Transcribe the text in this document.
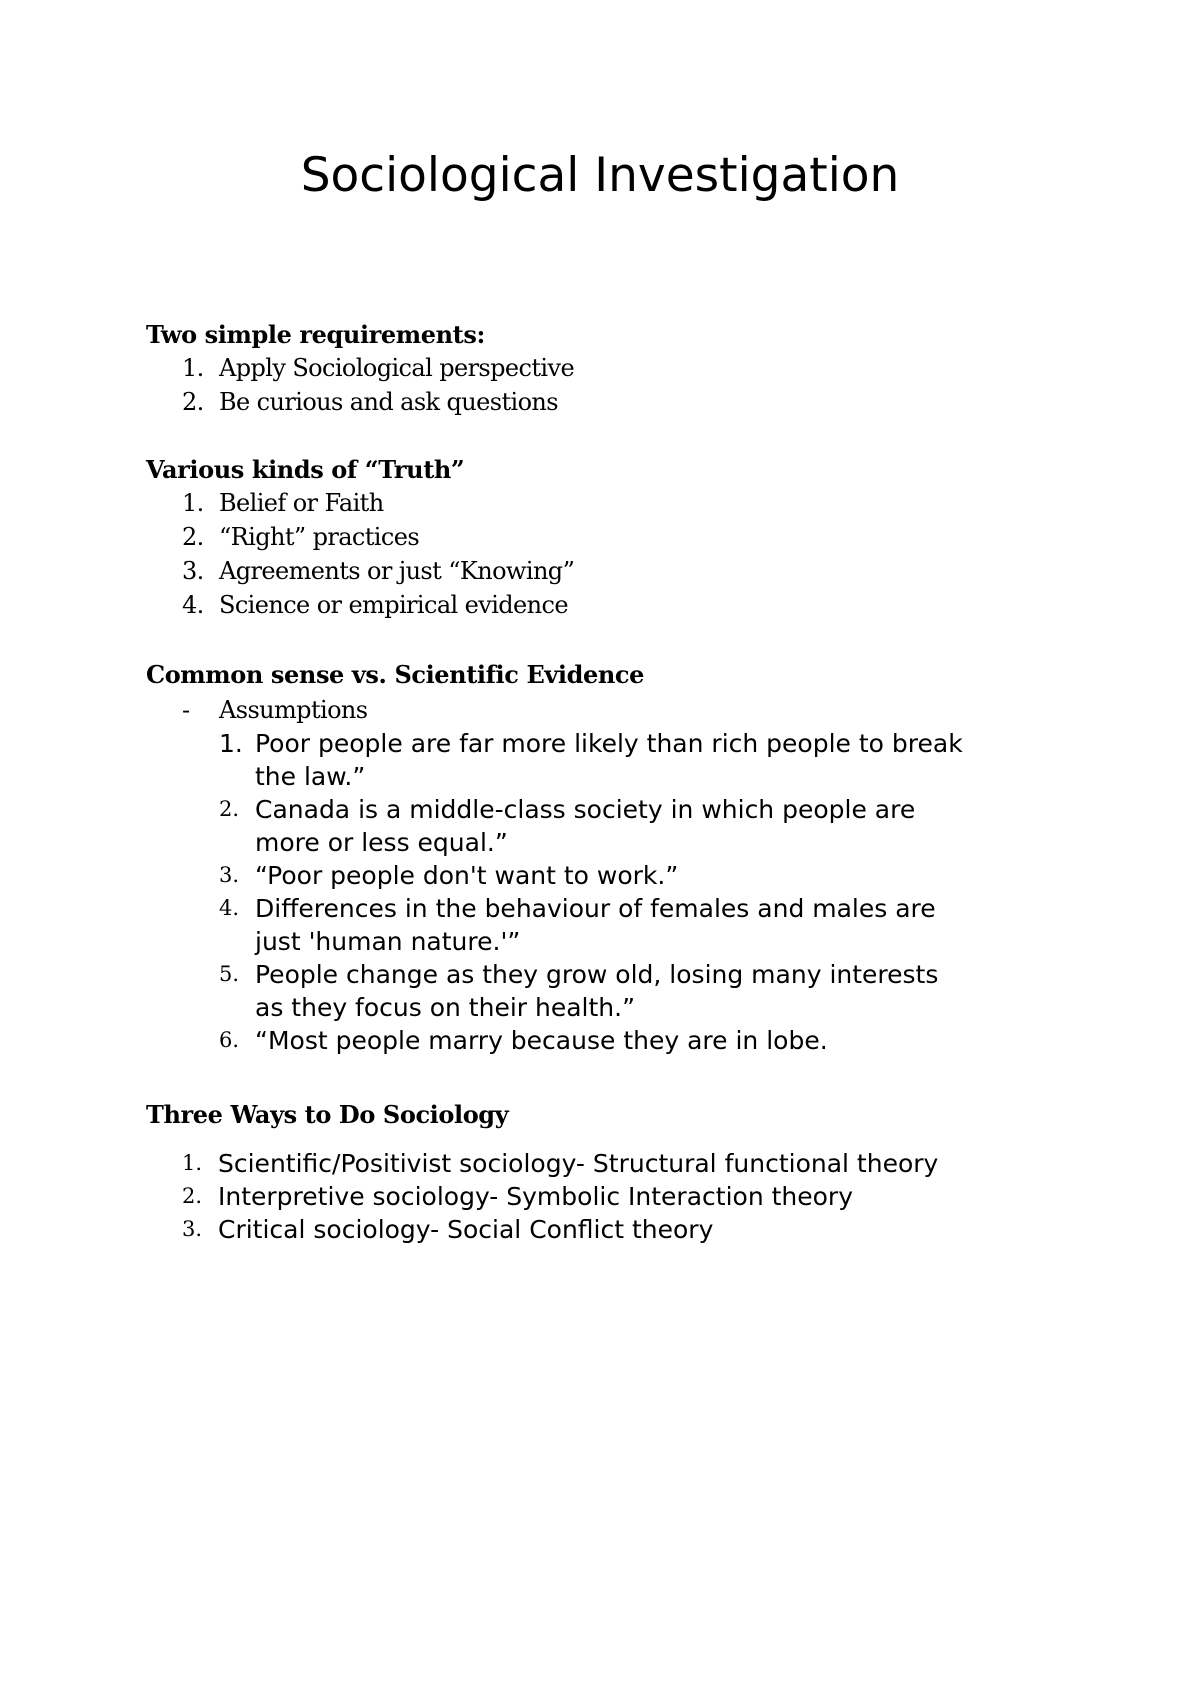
Sociological Investigation

Two simple requirements:

1. Apply Sociological perspective
2. Be curious and ask questions

Various kinds of “Truth”

1. Belief or Faith
2. “Right” practices
3. Agreements or just “Knowing”
4. Science or empirical evidence

Common sense vs. Scientific Evidence

- Assumptions
1. Poor people are far more likely than rich people to break
the law.”
2. Canada is a middle-class society in which people are
more or less equal.”
3. “Poor people don't want to work.”
4. Differences in the behaviour of females and males are
just 'human nature.'”
5. People change as they grow old, losing many interests
as they focus on their health.”
6. “Most people marry because they are in lobe.

Three Ways to Do Sociology

1. Scientific/Positivist sociology- Structural functional theory
2. Interpretive sociology- Symbolic Interaction theory
3. Critical sociology- Social Conflict theory
